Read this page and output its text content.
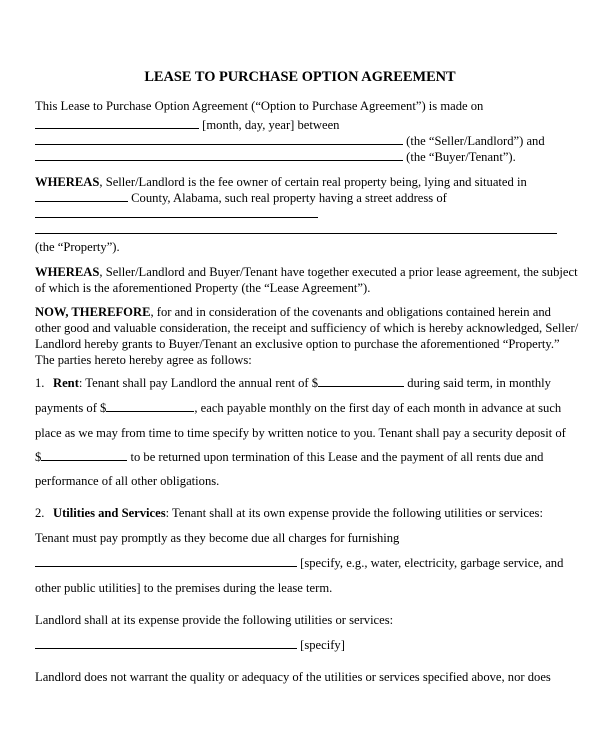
LEASE TO PURCHASE OPTION AGREEMENT
This Lease to Purchase Option Agreement (“Option to Purchase Agreement”) is made on
[month, day, year] between
(the “Seller/Landlord”) and
(the “Buyer/Tenant”).
WHEREAS, Seller/Landlord is the fee owner of certain real property being, lying and situated in
County, Alabama, such real property having a street address of
(the “Property”).
WHEREAS, Seller/Landlord and Buyer/Tenant have together executed a prior lease agreement, the subject
of which is the aforementioned Property (the “Lease Agreement”).
NOW, THEREFORE, for and in consideration of the covenants and obligations contained herein and
other good and valuable consideration, the receipt and sufficiency of which is hereby acknowledged, Seller/
Landlord hereby grants to Buyer/Tenant an exclusive option to purchase the aforementioned “Property.”
The parties hereto hereby agree as follows:
1. Rent: Tenant shall pay Landlord the annual rent of $	during said term, in monthly
payments of $	, each payable monthly on the first day of each month in advance at such
place as we may from time to time specify by written notice to you. Tenant shall pay a security deposit of
$	to be returned upon termination of this Lease and the payment of all rents due and
performance of all other obligations.
2. Utilities and Services: Tenant shall at its own expense provide the following utilities or services:
Tenant must pay promptly as they become due all charges for furnishing
[specify, e.g., water, electricity, garbage service, and
other public utilities] to the premises during the lease term.
Landlord shall at its expense provide the following utilities or services:
[specify]
Landlord does not warrant the quality or adequacy of the utilities or services specified above, nor does
